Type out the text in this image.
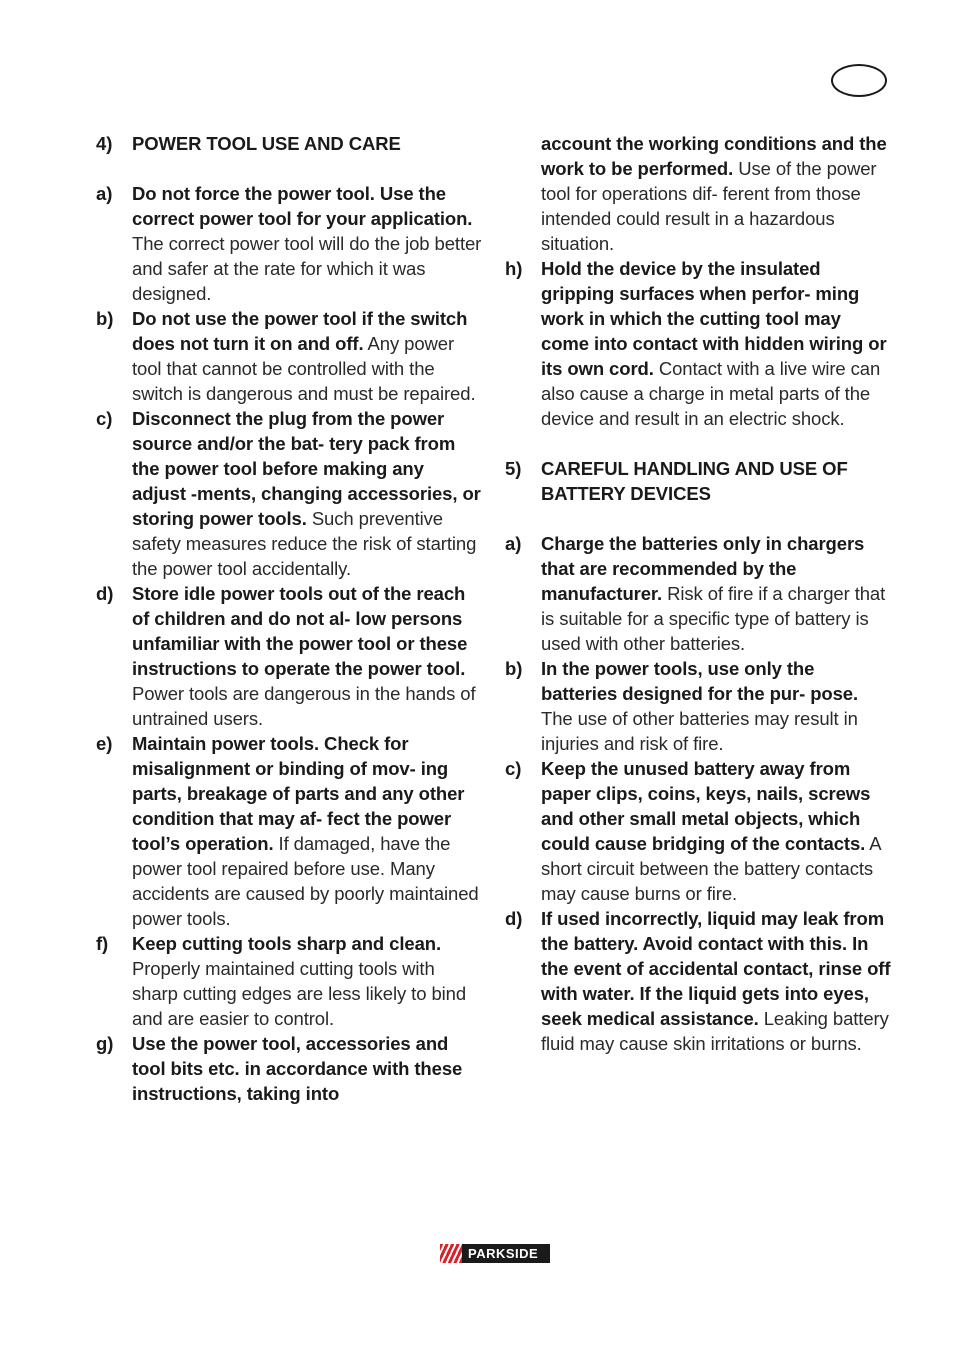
4)	POWER TOOL USE AND CARE
a)	Do not force the power tool. Use the correct power tool for your application. The correct power tool will do the job better and safer at the rate for which it was designed.
b)	Do not use the power tool if the switch does not turn it on and off. Any power tool that cannot be controlled with the switch is dangerous and must be repaired.
c)	Disconnect the plug from the power source and/or the bat- tery pack from the power tool before making any adjust -ments, changing accessories, or storing power tools. Such preventive safety measures reduce the risk of starting the power tool accidentally.
d)	Store idle power tools out of the reach of children and do not al- low persons unfamiliar with the power tool or these instructions to operate the power tool. Power tools are dangerous in the hands of untrained users.
e)	Maintain power tools. Check for misalignment or binding of mov- ing parts, breakage of parts and any other condition that may af- fect the power tool’s operation. If damaged, have the power tool repaired before use. Many accidents are caused by poorly maintained power tools.
f)	Keep cutting tools sharp and clean. Properly maintained cutting tools with sharp cutting edges are less likely to bind and are easier to control.
g)	Use the power tool, accessories and tool bits etc. in accordance with these instructions, taking into
account the working conditions and the work to be performed. Use of the power tool for operations dif- ferent from those intended could result in a hazardous situation.
h)	Hold the device by the insulated gripping surfaces when perfor- ming work in which the cutting tool may come into contact with hidden wiring or its own cord. Contact with a live wire can also cause a charge in metal parts of the device and result in an electric shock.
5)	CAREFUL HANDLING AND USE OF BATTERY DEVICES
a)	Charge the batteries only in chargers that are recommended by the manufacturer. Risk of fire if a charger that is suitable for a specific type of battery is used with other batteries.
b)	In the power tools, use only the batteries designed for the pur- pose. The use of other batteries may result in injuries and risk of fire.
c)	Keep the unused battery away from paper clips, coins, keys, nails, screws and other small metal objects, which could cause bridging of the contacts. A short circuit between the battery contacts may cause burns or fire.
d)	If used incorrectly, liquid may leak from the battery. Avoid contact with this. In the event of accidental contact, rinse off with water. If the liquid gets into eyes, seek medical assistance. Leaking battery fluid may cause skin irritations or burns.
PARKSIDE
